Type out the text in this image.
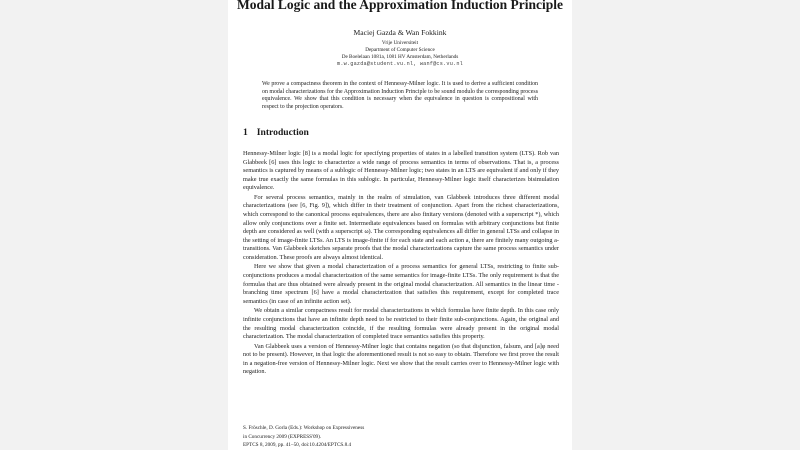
Modal Logic and the Approximation Induction Principle
Maciej Gazda & Wan Fokkink
Vrije Universiteit
Department of Computer Science
De Boelelaan 1081a, 1081 HV Amsterdam, Netherlands
m.w.gazda@student.vu.nl, wanf@cs.vu.nl

We prove a compactness theorem in the context of Hennessy-Milner logic. It is used to derive a sufficient condition on modal characterizations for the Approximation Induction Principle to be sound modulo the corresponding process equivalence. We show that this condition is necessary when the equivalence in question is compositional with respect to the projection operators.

1 Introduction

Hennessy-Milner logic [8] is a modal logic for specifying properties of states in a labelled transition system (LTS). Rob van Glabbeek [6] uses this logic to characterize a wide range of process semantics in terms of observations. That is, a process semantics is captured by means of a sublogic of Hennessy-Milner logic; two states in an LTS are equivalent if and only if they make true exactly the same formulas in this sublogic. In particular, Hennessy-Milner logic itself characterizes bisimulation equivalence.

For several process semantics, mainly in the realm of simulation, van Glabbeek introduces three different modal characterizations (see [6, Fig. 9]), which differ in their treatment of conjunction. Apart from the richest characterizations, which correspond to the canonical process equivalences, there are also finitary versions (denoted with a superscript *), which allow only conjunctions over a finite set. Intermediate equivalences based on formulas with arbitrary conjunctions but finite depth are considered as well (with a superscript ω). The corresponding equivalences all differ in general LTSs and collapse in the setting of image-finite LTSs. An LTS is image-finite if for each state and each action a, there are finitely many outgoing a-transitions. Van Glabbeek sketches separate proofs that the modal characterizations capture the same process semantics under consideration. These proofs are always almost identical.

Here we show that given a modal characterization of a process semantics for general LTSs, restricting to finite sub-conjunctions produces a modal characterization of the same semantics for image-finite LTSs. The only requirement is that the formulas that are thus obtained were already present in the original modal characterization. All semantics in the linear time - branching time spectrum [6] have a modal characterization that satisfies this requirement, except for completed trace semantics (in case of an infinite action set).

We obtain a similar compactness result for modal characterizations in which formulas have finite depth. In this case only infinite conjunctions that have an infinite depth need to be restricted to their finite sub-conjunctions. Again, the original and the resulting modal characterization coincide, if the resulting formulas were already present in the original modal characterization. The modal characterization of completed trace semantics satisfies this property.

Van Glabbeek uses a version of Hennessy-Milner logic that contains negation (so that disjunction, falsum, and [a]φ need not to be present). However, in that logic the aforementioned result is not so easy to obtain. Therefore we first prove the result in a negation-free version of Hennessy-Milner logic. Next we show that the result carries over to Hennessy-Milner logic with negation.

S. Fröschle, D. Gorla (Eds.): Workshop on Expressiveness
in Concurrency 2009 (EXPRESS'09).
EPTCS 8, 2009, pp. 41–50, doi:10.4204/EPTCS.8.4
